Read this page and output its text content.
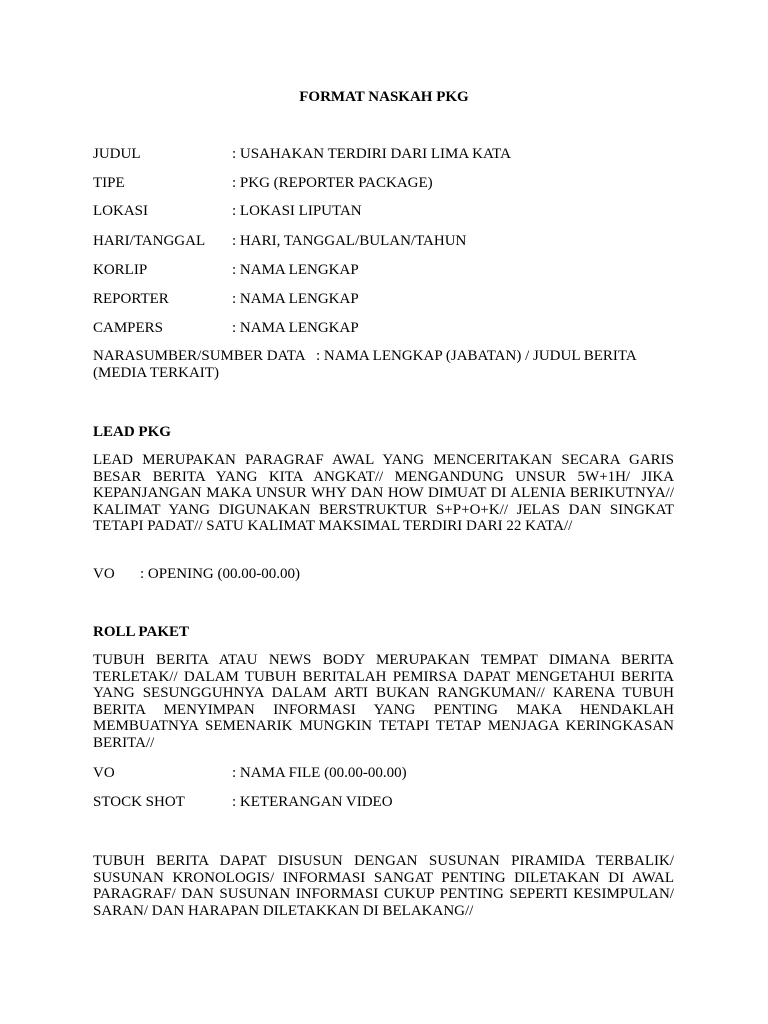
FORMAT NASKAH PKG
JUDUL	: USAHAKAN TERDIRI DARI LIMA KATA
TIPE	: PKG (REPORTER PACKAGE)
LOKASI	: LOKASI LIPUTAN
HARI/TANGGAL : HARI, TANGGAL/BULAN/TAHUN
KORLIP	: NAMA LENGKAP
REPORTER	: NAMA LENGKAP
CAMPERS	: NAMA LENGKAP
NARASUMBER/SUMBER DATA   : NAMA LENGKAP (JABATAN) / JUDUL BERITA (MEDIA TERKAIT)
LEAD PKG
LEAD MERUPAKAN PARAGRAF AWAL YANG MENCERITAKAN SECARA GARIS BESAR BERITA YANG KITA ANGKAT// MENGANDUNG UNSUR 5W+1H/ JIKA KEPANJANGAN MAKA UNSUR WHY DAN HOW DIMUAT DI ALENIA BERIKUTNYA// KALIMAT YANG DIGUNAKAN BERSTRUKTUR S+P+O+K// JELAS DAN SINGKAT TETAPI PADAT// SATU KALIMAT MAKSIMAL TERDIRI DARI 22 KATA//
VO : OPENING (00.00-00.00)
ROLL PAKET
TUBUH BERITA ATAU NEWS BODY MERUPAKAN TEMPAT DIMANA BERITA TERLETAK// DALAM TUBUH BERITALAH PEMIRSA DAPAT MENGETAHUI BERITA YANG SESUNGGUHNYA DALAM ARTI BUKAN RANGKUMAN// KARENA TUBUH BERITA MENYIMPAN INFORMASI YANG PENTING MAKA HENDAKLAH MEMBUATNYA SEMENARIK MUNGKIN TETAPI TETAP MENJAGA KERINGKASAN BERITA//
VO	: NAMA FILE (00.00-00.00)
STOCK SHOT	: KETERANGAN VIDEO
TUBUH BERITA DAPAT DISUSUN DENGAN SUSUNAN PIRAMIDA TERBALIK/ SUSUNAN KRONOLOGIS/ INFORMASI SANGAT PENTING DILETAKAN DI AWAL PARAGRAF/ DAN SUSUNAN INFORMASI CUKUP PENTING SEPERTI KESIMPULAN/ SARAN/ DAN HARAPAN DILETAKKAN DI BELAKANG//
